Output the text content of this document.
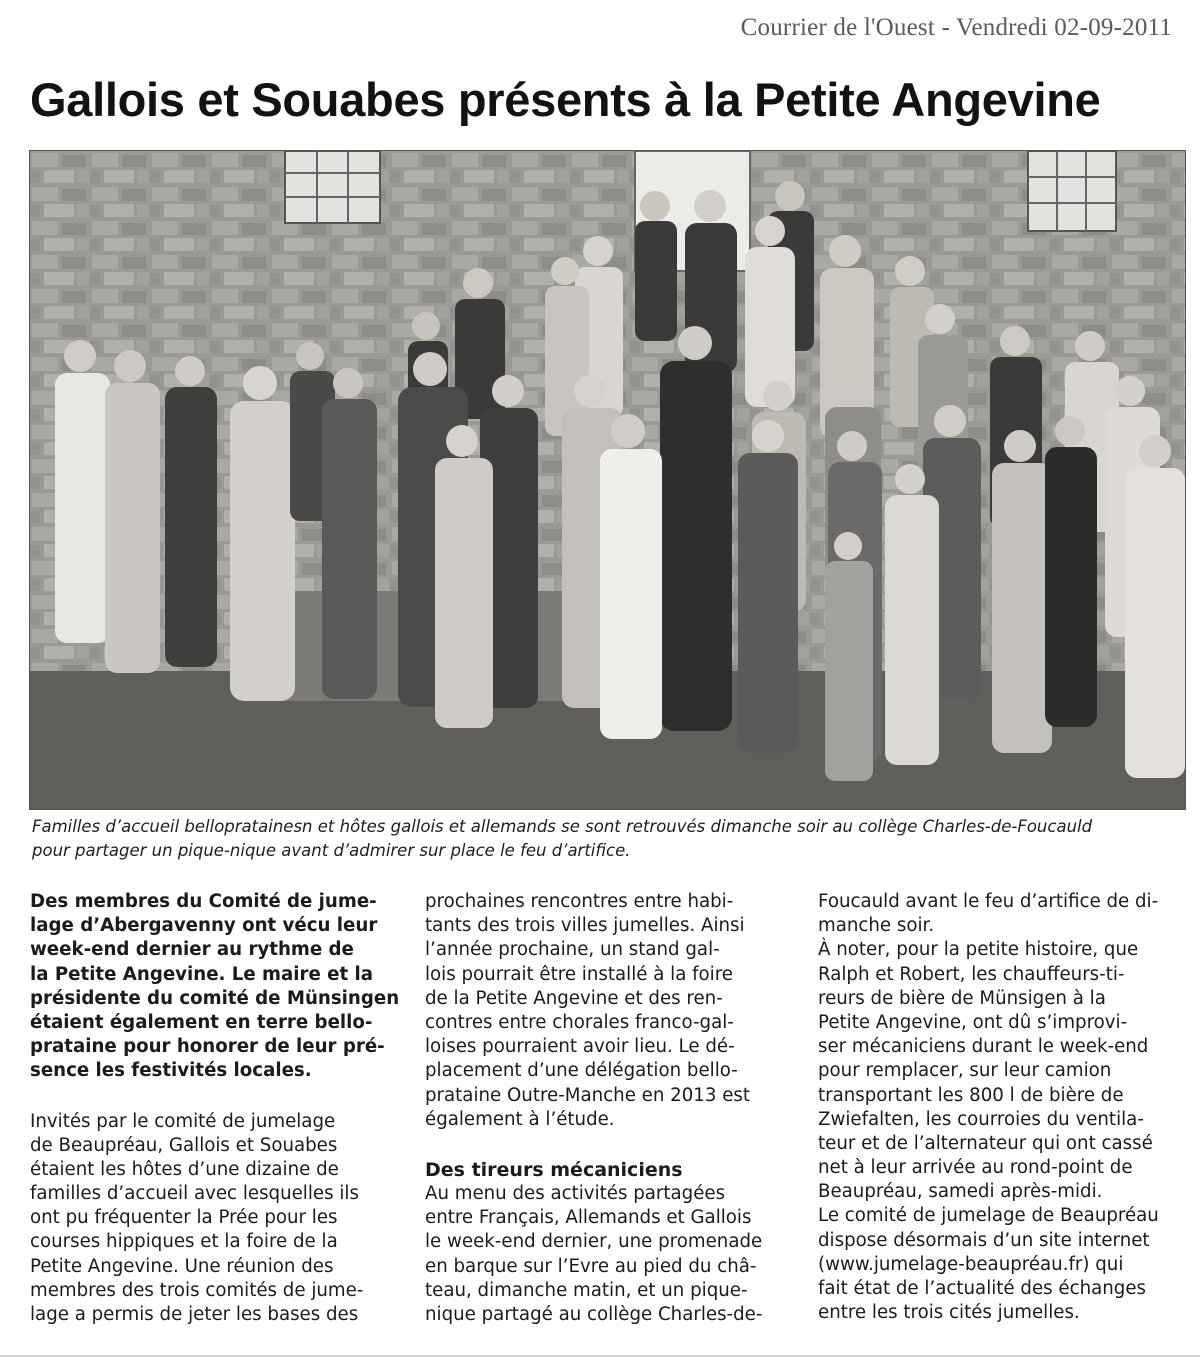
Courrier de l'Ouest - Vendredi 02-09-2011
Gallois et Souabes présents à la Petite Angevine

Familles d’accueil bellopratainesn et hôtes gallois et allemands se sont retrouvés dimanche soir au collège Charles-de-Foucauld
pour partager un pique-nique avant d’admirer sur place le feu d’artifice.

Des membres du Comité de jume-
lage d’Abergavenny ont vécu leur
week-end dernier au rythme de
la Petite Angevine. Le maire et la
présidente du comité de Münsingen
étaient également en terre bello-
prataine pour honorer de leur pré-
sence les festivités locales.
Invités par le comité de jumelage
de Beaupréau, Gallois et Souabes
étaient les hôtes d’une dizaine de
familles d’accueil avec lesquelles ils
ont pu fréquenter la Prée pour les
courses hippiques et la foire de la
Petite Angevine. Une réunion des
membres des trois comités de jume-
lage a permis de jeter les bases des
prochaines rencontres entre habi-
tants des trois villes jumelles. Ainsi
l’année prochaine, un stand gal-
lois pourrait être installé à la foire
de la Petite Angevine et des ren-
contres entre chorales franco-gal-
loises pourraient avoir lieu. Le dé-
placement d’une délégation bello-
prataine Outre-Manche en 2013 est
également à l’étude.
Des tireurs mécaniciens
Au menu des activités partagées
entre Français, Allemands et Gallois
le week-end dernier, une promenade
en barque sur l’Evre au pied du châ-
teau, dimanche matin, et un pique-
nique partagé au collège Charles-de-
Foucauld avant le feu d’artifice de di-
manche soir.
À noter, pour la petite histoire, que
Ralph et Robert, les chauffeurs-ti-
reurs de bière de Münsigen à la
Petite Angevine, ont dû s’improvi-
ser mécaniciens durant le week-end
pour remplacer, sur leur camion
transportant les 800 l de bière de
Zwiefalten, les courroies du ventila-
teur et de l’alternateur qui ont cassé
net à leur arrivée au rond-point de
Beaupréau, samedi après-midi.
Le comité de jumelage de Beaupréau
dispose désormais d’un site internet
(www.jumelage-beaupréau.fr) qui
fait état de l’actualité des échanges
entre les trois cités jumelles.
